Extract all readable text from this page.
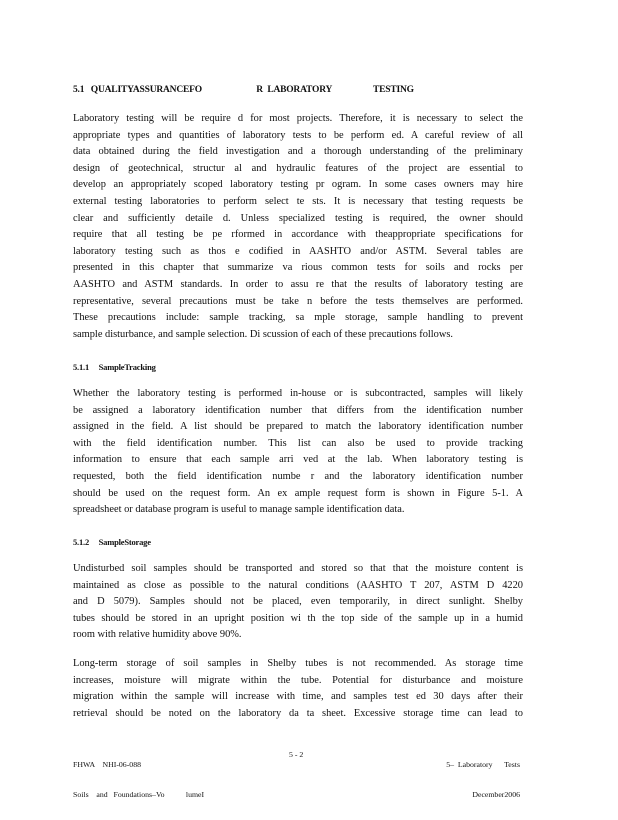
5.1   QUALITYASSURANCEFO                         R  LABORATORY                   TESTING
Laboratory testing will be require d for most projects. Therefore, it is necessary to select the
appropriate types and quantities of laboratory tests to be perform ed. A careful review of all
data obtained during the field investigation and a thorough understanding of the preliminary
design of geotechnical, structur al and hydraulic features of the project are essential to
develop an appropriately scoped laboratory testing pr ogram. In some cases owners may hire
external testing laboratories to perform select te sts. It is necessary that testing requests be
clear and sufficiently detaile d. Unless specialized testing is required, the owner should
require that all testing be pe rformed in accordance with theappropriate specifications for
laboratory testing such as thos e codified in AASHTO and/or ASTM. Several tables are
presented in this chapter that summarize va rious common tests for soils and rocks per
AASHTO and ASTM standards. In order to assu re that the results of laboratory testing are
representative, several precautions must be take n before the tests themselves are performed.
These precautions include: sample tracking, sa mple storage, sample handling to prevent
sample disturbance, and sample selection. Di scussion of each of these precautions follows.
5.1.1     SampleTracking
Whether the laboratory testing is performed in-house or is subcontracted, samples will likely
be assigned a laboratory identification number that differs from the identification number
assigned in the field. A list should be prepared to match the laboratory identification number
with the field identification number. This list can also be used to provide tracking
information to ensure that each sample arri ved at the lab. When laboratory testing is
requested, both the field identification numbe r and the laboratory identification number
should be used on the request form. An ex ample request form is shown in Figure 5-1. A
spreadsheet or database program is useful to manage sample identification data.
5.1.2     SampleStorage
Undisturbed soil samples should be transported and stored so that that the moisture content is
maintained as close as possible to the natural conditions (AASHTO T 207, ASTM D 4220
and D 5079). Samples should not be placed, even temporarily, in direct sunlight. Shelby
tubes should be stored in an upright position wi th the top side of the sample up in a humid
room with relative humidity above 90%.
Long-term storage of soil samples in Shelby tubes is not recommended. As storage time
increases, moisture will migrate within the tube. Potential for disturbance and moisture
migration within the sample will increase with time, and samples test ed 30 days after their
retrieval should be noted on the laboratory da ta sheet. Excessive storage time can lead to

FHWA    NHI-06-088

Soils    and   Foundations–Vo           lumeI

5 - 2

5–  Laboratory      Tests

December2006
